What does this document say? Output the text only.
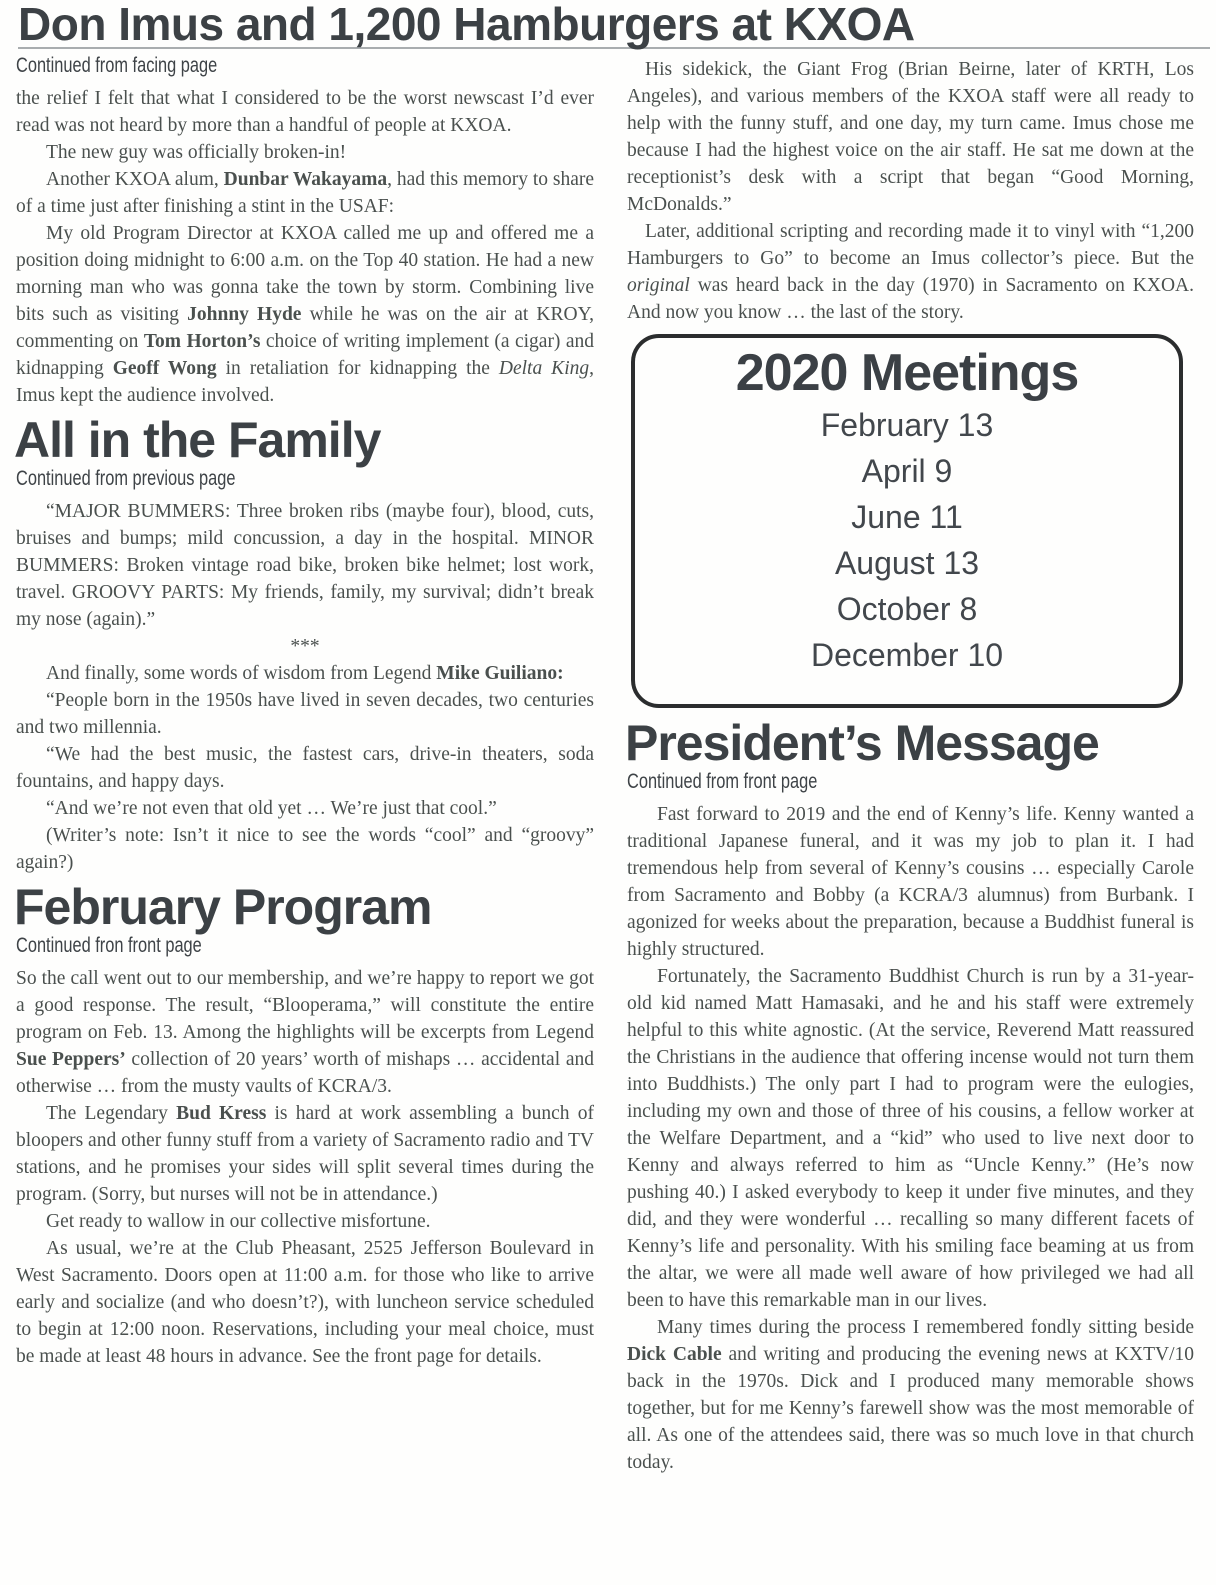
Don Imus and 1,200 Hamburgers at KXOA
Continued from facing page

the relief I felt that what I considered to be the worst newscast I’d ever read was not heard by more than a handful of people at KXOA.

The new guy was officially broken-in!

Another KXOA alum, Dunbar Wakayama, had this memory to share of a time just after finishing a stint in the USAF:

My old Program Director at KXOA called me up and offered me a position doing midnight to 6:00 a.m. on the Top 40 station. He had a new morning man who was gonna take the town by storm. Combining live bits such as visiting Johnny Hyde while he was on the air at KROY, commenting on Tom Horton’s choice of writing implement (a cigar) and kidnapping Geoff Wong in retaliation for kidnapping the Delta King, Imus kept the audience involved.

All in the Family
Continued from previous page

“MAJOR BUMMERS: Three broken ribs (maybe four), blood, cuts, bruises and bumps; mild concussion, a day in the hospital. MINOR BUMMERS: Broken vintage road bike, broken bike helmet; lost work, travel. GROOVY PARTS: My friends, family, my survival; didn’t break my nose (again).”

***

And finally, some words of wisdom from Legend Mike Guiliano:

“People born in the 1950s have lived in seven decades, two centuries and two millennia.

“We had the best music, the fastest cars, drive-in theaters, soda fountains, and happy days.

“And we’re not even that old yet … We’re just that cool.”

(Writer’s note: Isn’t it nice to see the words “cool” and “groovy” again?)

February Program
Continued fron front page

So the call went out to our membership, and we’re happy to report we got a good response. The result, “Blooperama,” will constitute the entire program on Feb. 13. Among the highlights will be excerpts from Legend Sue Peppers’ collection of 20 years’ worth of mishaps … accidental and otherwise … from the musty vaults of KCRA/3.

The Legendary Bud Kress is hard at work assembling a bunch of bloopers and other funny stuff from a variety of Sacramento radio and TV stations, and he promises your sides will split several times during the program. (Sorry, but nurses will not be in attendance.)

Get ready to wallow in our collective misfortune.

As usual, we’re at the Club Pheasant, 2525 Jefferson Boulevard in West Sacramento. Doors open at 11:00 a.m. for those who like to arrive early and socialize (and who doesn’t?), with luncheon service scheduled to begin at 12:00 noon. Reservations, including your meal choice, must be made at least 48 hours in advance. See the front page for details.

His sidekick, the Giant Frog (Brian Beirne, later of KRTH, Los Angeles), and various members of the KXOA staff were all ready to help with the funny stuff, and one day, my turn came. Imus chose me because I had the highest voice on the air staff. He sat me down at the receptionist’s desk with a script that began “Good Morning, McDonalds.”

Later, additional scripting and recording made it to vinyl with “1,200 Hamburgers to Go” to become an Imus collector’s piece. But the original was heard back in the day (1970) in Sacramento on KXOA. And now you know … the last of the story.

2020 Meetings
February 13
April 9
June 11
August 13
October 8
December 10
President’s Message
Continued from front page

Fast forward to 2019 and the end of Kenny’s life. Kenny wanted a traditional Japanese funeral, and it was my job to plan it. I had tremendous help from several of Kenny’s cousins … especially Carole from Sacramento and Bobby (a KCRA/3 alumnus) from Burbank. I agonized for weeks about the preparation, because a Buddhist funeral is highly structured.

Fortunately, the Sacramento Buddhist Church is run by a 31-year-old kid named Matt Hamasaki, and he and his staff were extremely helpful to this white agnostic. (At the service, Reverend Matt reassured the Christians in the audience that offering incense would not turn them into Buddhists.) The only part I had to program were the eulogies, including my own and those of three of his cousins, a fellow worker at the Welfare Department, and a “kid” who used to live next door to Kenny and always referred to him as “Uncle Kenny.” (He’s now pushing 40.) I asked everybody to keep it under five minutes, and they did, and they were wonderful … recalling so many different facets of Kenny’s life and personality. With his smiling face beaming at us from the altar, we were all made well aware of how privileged we had all been to have this remarkable man in our lives.

Many times during the process I remembered fondly sitting beside Dick Cable and writing and producing the evening news at KXTV/10 back in the 1970s. Dick and I produced many memorable shows together, but for me Kenny’s farewell show was the most memorable of all. As one of the attendees said, there was so much love in that church today.
